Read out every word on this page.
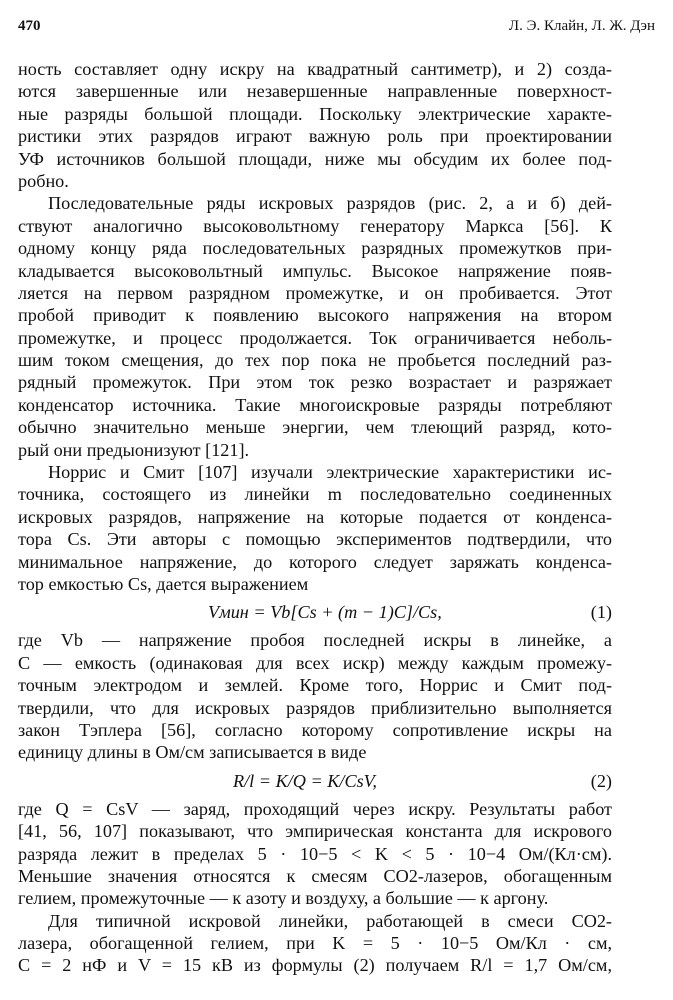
470	Л. Э. Клайн, Л. Ж. Дэн
ность составляет одну искру на квадратный сантиметр), и 2) созда-
ются завершенные или незавершенные направленные поверхност-
ные разряды большой площади. Поскольку электрические характе-
ристики этих разрядов играют важную роль при проектировании
УФ источников большой площади, ниже мы обсудим их более под-
робно.
Последовательные ряды искровых разрядов (рис. 2, а и б) дей-
ствуют аналогично высоковольтному генератору Маркса [56]. К
одному концу ряда последовательных разрядных промежутков при-
кладывается высоковольтный импульс. Высокое напряжение появ-
ляется на первом разрядном промежутке, и он пробивается. Этот
пробой приводит к появлению высокого напряжения на втором
промежутке, и процесс продолжается. Ток ограничивается неболь-
шим током смещения, до тех пор пока не пробьется последний раз-
рядный промежуток. При этом ток резко возрастает и разряжает
конденсатор источника. Такие многоискровые разряды потребляют
обычно значительно меньше энергии, чем тлеющий разряд, кото-
рый они предыонизуют [121].
Норрис и Смит [107] изучали электрические характеристики ис-
точника, состоящего из линейки m последовательно соединенных
искровых разрядов, напряжение на которые подается от конденса-
тора Cs. Эти авторы с помощью экспериментов подтвердили, что
минимальное напряжение, до которого следует заряжать конденса-
тор емкостью Cs, дается выражением
Vмин = Vb[Cs + (m − 1)C]/Cs,	(1)
где Vb — напряжение пробоя последней искры в линейке, а
C — емкость (одинаковая для всех искр) между каждым промежу-
точным электродом и землей. Кроме того, Норрис и Смит под-
твердили, что для искровых разрядов приблизительно выполняется
закон Тэплера [56], согласно которому сопротивление искры на
единицу длины в Ом/см записывается в виде
R/l = K/Q = K/CsV,	(2)
где Q = CsV — заряд, проходящий через искру. Результаты работ
[41, 56, 107] показывают, что эмпирическая константа для искрового
разряда лежит в пределах 5 · 10−5 < K < 5 · 10−4 Ом/(Кл·см).
Меньшие значения относятся к смесям CO2-лазеров, обогащенным
гелием, промежуточные — к азоту и воздуху, а большие — к аргону.
Для типичной искровой линейки, работающей в смеси CO2-
лазера, обогащенной гелием, при K = 5 · 10−5 Ом/Кл · см,
C = 2 нФ и V = 15 кВ из формулы (2) получаем R/l = 1,7 Ом/см,
